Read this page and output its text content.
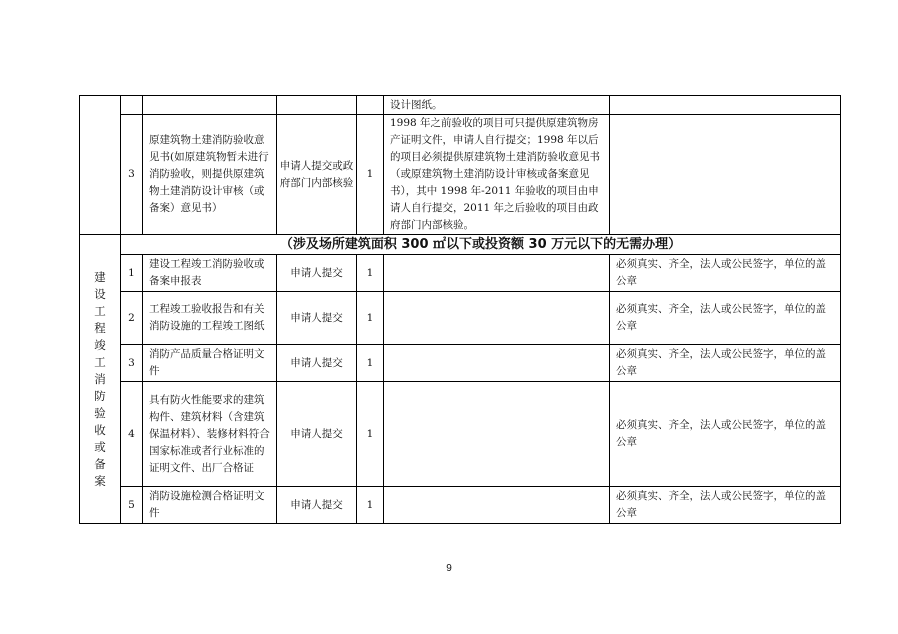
					设计图纸。	
	3	原建筑物土建消防验收意见书(如原建筑物暂未进行消防验收，则提供原建筑物土建消防设计审核（或备案）意见书）	申请人提交或政府部门内部核验	1	1998 年之前验收的项目可只提供原建筑物房产证明文件，申请人自行提交；1998 年以后的项目必须提供原建筑物土建消防验收意见书（或原建筑物土建消防设计审核或备案意见书），其中 1998 年-2011 年验收的项目由申请人自行提交，2011 年之后验收的项目由政府部门内部核验。	
建设工程竣工消防验收或备案	（涉及场所建筑面积 300 ㎡以下或投资额 30 万元以下的无需办理）					
	1	建设工程竣工消防验收或备案申报表	申请人提交	1		必须真实、齐全，法人或公民签字，单位的盖公章
	2	工程竣工验收报告和有关消防设施的工程竣工图纸	申请人提交	1		必须真实、齐全，法人或公民签字，单位的盖公章
	3	消防产品质量合格证明文件	申请人提交	1		必须真实、齐全，法人或公民签字，单位的盖公章
	4	具有防火性能要求的建筑构件、建筑材料（含建筑保温材料）、装修材料符合国家标准或者行业标准的证明文件、出厂合格证	申请人提交	1		必须真实、齐全，法人或公民签字，单位的盖公章
	5	消防设施检测合格证明文件	申请人提交	1		必须真实、齐全，法人或公民签字，单位的盖公章
9
